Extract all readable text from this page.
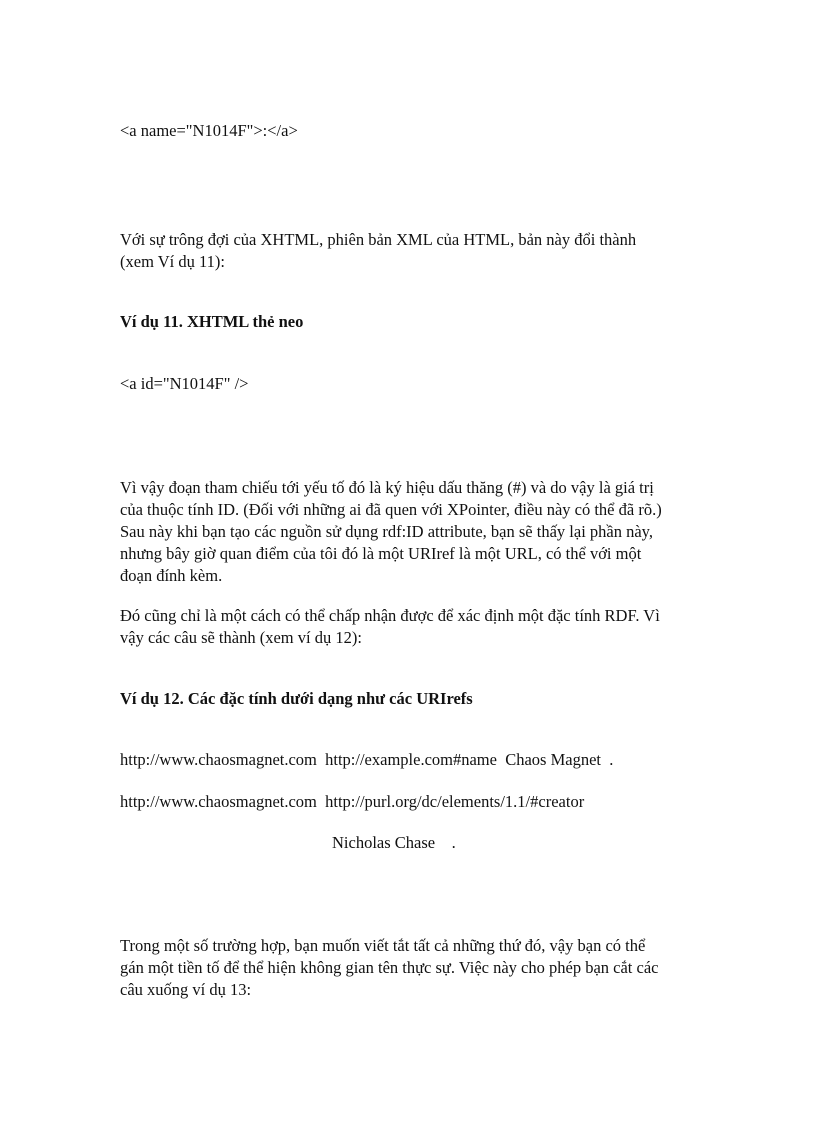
<a name="N1014F">:</a>
Với sự trông đợi của XHTML, phiên bản XML của HTML, bản này đổi thành
(xem Ví dụ 11):
Ví dụ 11. XHTML thẻ neo
<a id="N1014F" />
Vì vậy đoạn tham chiếu tới yếu tố đó là ký hiệu dấu thăng (#) và do vậy là giá trị
của thuộc tính ID. (Đối với những ai đã quen với XPointer, điều này có thể đã rõ.)
Sau này khi bạn tạo các nguồn sử dụng rdf:ID attribute, bạn sẽ thấy lại phần này,
nhưng bây giờ quan điểm của tôi đó là một URIref là một URL, có thể với một
đoạn đính kèm.
Đó cũng chỉ là một cách có thể chấp nhận được để xác định một đặc tính RDF. Vì
vậy các câu sẽ thành (xem ví dụ 12):
Ví dụ 12. Các đặc tính dưới dạng như các URIrefs
http://www.chaosmagnet.com  http://example.com#name  Chaos Magnet  .
http://www.chaosmagnet.com  http://purl.org/dc/elements/1.1/#creator
Nicholas Chase    .
Trong một số trường hợp, bạn muốn viết tắt tất cả những thứ đó, vậy bạn có thể
gán một tiền tố để thể hiện không gian tên thực sự. Việc này cho phép bạn cắt các
câu xuống ví dụ 13:
